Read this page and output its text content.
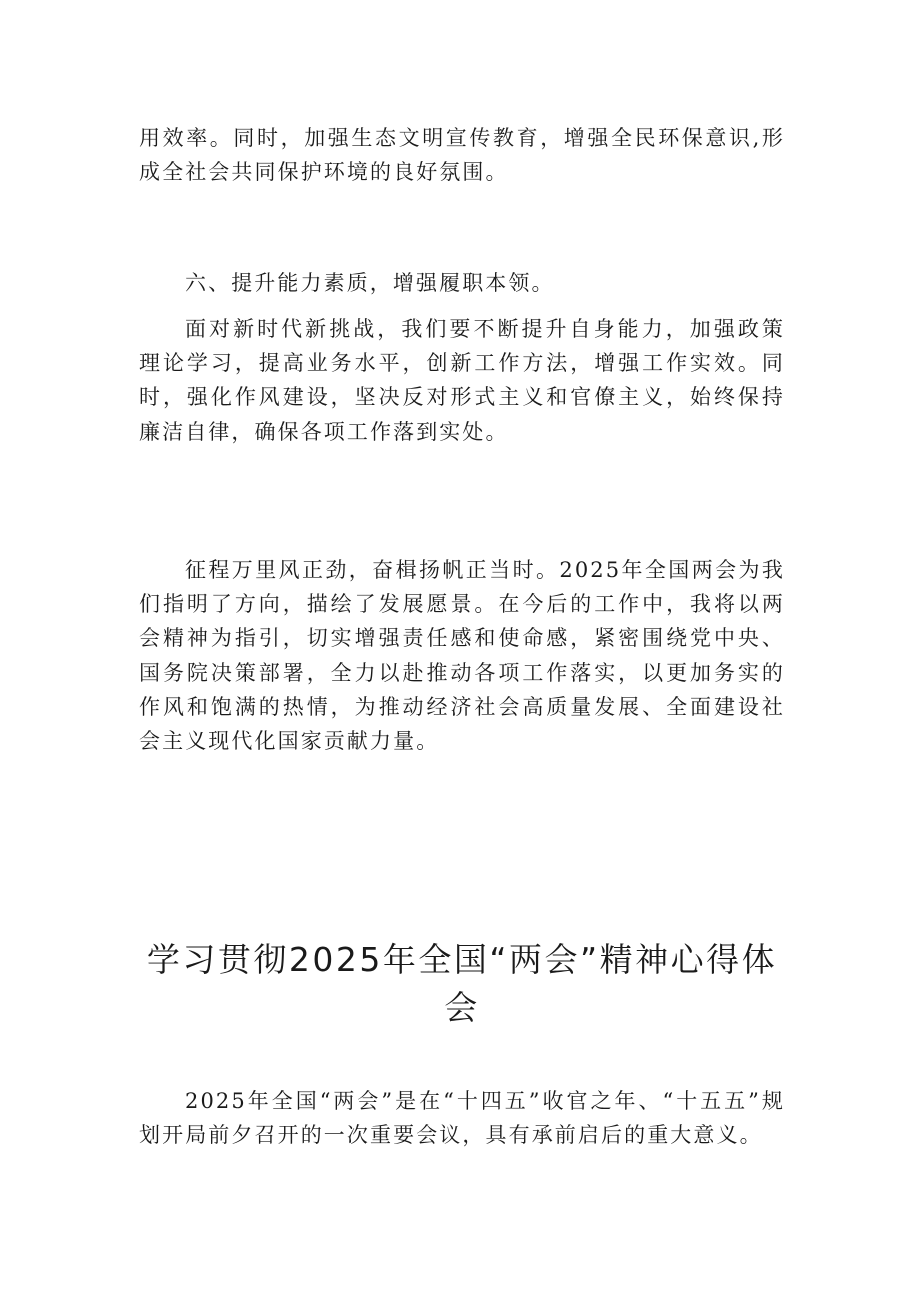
用效率。同时，加强生态文明宣传教育，增强全民环保意识,形成全社会共同保护环境的良好氛围。

六、提升能力素质，增强履职本领。

面对新时代新挑战，我们要不断提升自身能力，加强政策理论学习，提高业务水平，创新工作方法，增强工作实效。同时，强化作风建设，坚决反对形式主义和官僚主义，始终保持廉洁自律，确保各项工作落到实处。

征程万里风正劲，奋楫扬帆正当时。2025年全国两会为我们指明了方向，描绘了发展愿景。在今后的工作中，我将以两会精神为指引，切实增强责任感和使命感，紧密围绕党中央、国务院决策部署，全力以赴推动各项工作落实，以更加务实的作风和饱满的热情，为推动经济社会高质量发展、全面建设社会主义现代化国家贡献力量。

学习贯彻2025年全国“两会”精神心得体会

2025年全国“两会”是在“十四五”收官之年、“十五五”规划开局前夕召开的一次重要会议，具有承前启后的重大意义。
